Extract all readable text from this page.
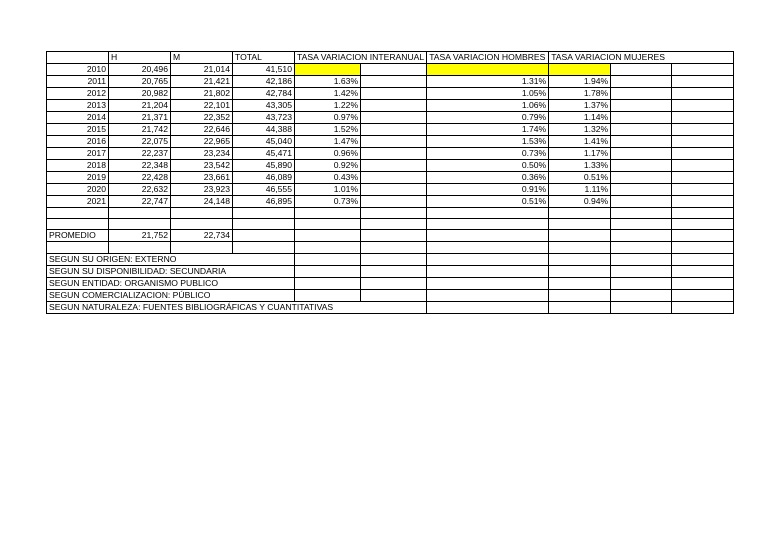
	H	M	TOTAL	TASA VARIACION INTERANUAL		TASA VARIACION HOMBRES	TASA VARIACION MUJERES		
2010	20,496	21,014	41,510						
2011	20,765	21,421	42,186	1.63%		1.31%	1.94%		
2012	20,982	21,802	42,784	1.42%		1.05%	1.78%		
2013	21,204	22,101	43,305	1.22%		1.06%	1.37%		
2014	21,371	22,352	43,723	0.97%		0.79%	1.14%		
2015	21,742	22,646	44,388	1.52%		1.74%	1.32%		
2016	22,075	22,965	45,040	1.47%		1.53%	1.41%		
2017	22,237	23,234	45,471	0.96%		0.73%	1.17%		
2018	22,348	23,542	45,890	0.92%		0.50%	1.33%		
2019	22,428	23,661	46,089	0.43%		0.36%	0.51%		
2020	22,632	23,923	46,555	1.01%		0.91%	1.11%		
2021	22,747	24,148	46,895	0.73%		0.51%	0.94%		

PROMEDIO	21,752	22,734							

SEGUN SU ORIGEN: EXTERNO									
SEGUN SU DISPONIBILIDAD: SECUNDARIA									
SEGUN ENTIDAD: ORGANISMO PUBLICO									
SEGUN COMERCIALIZACION: PÚBLICO									
SEGUN NATURALEZA: FUENTES BIBLIOGRÁFICAS Y CUANTITATIVAS									
